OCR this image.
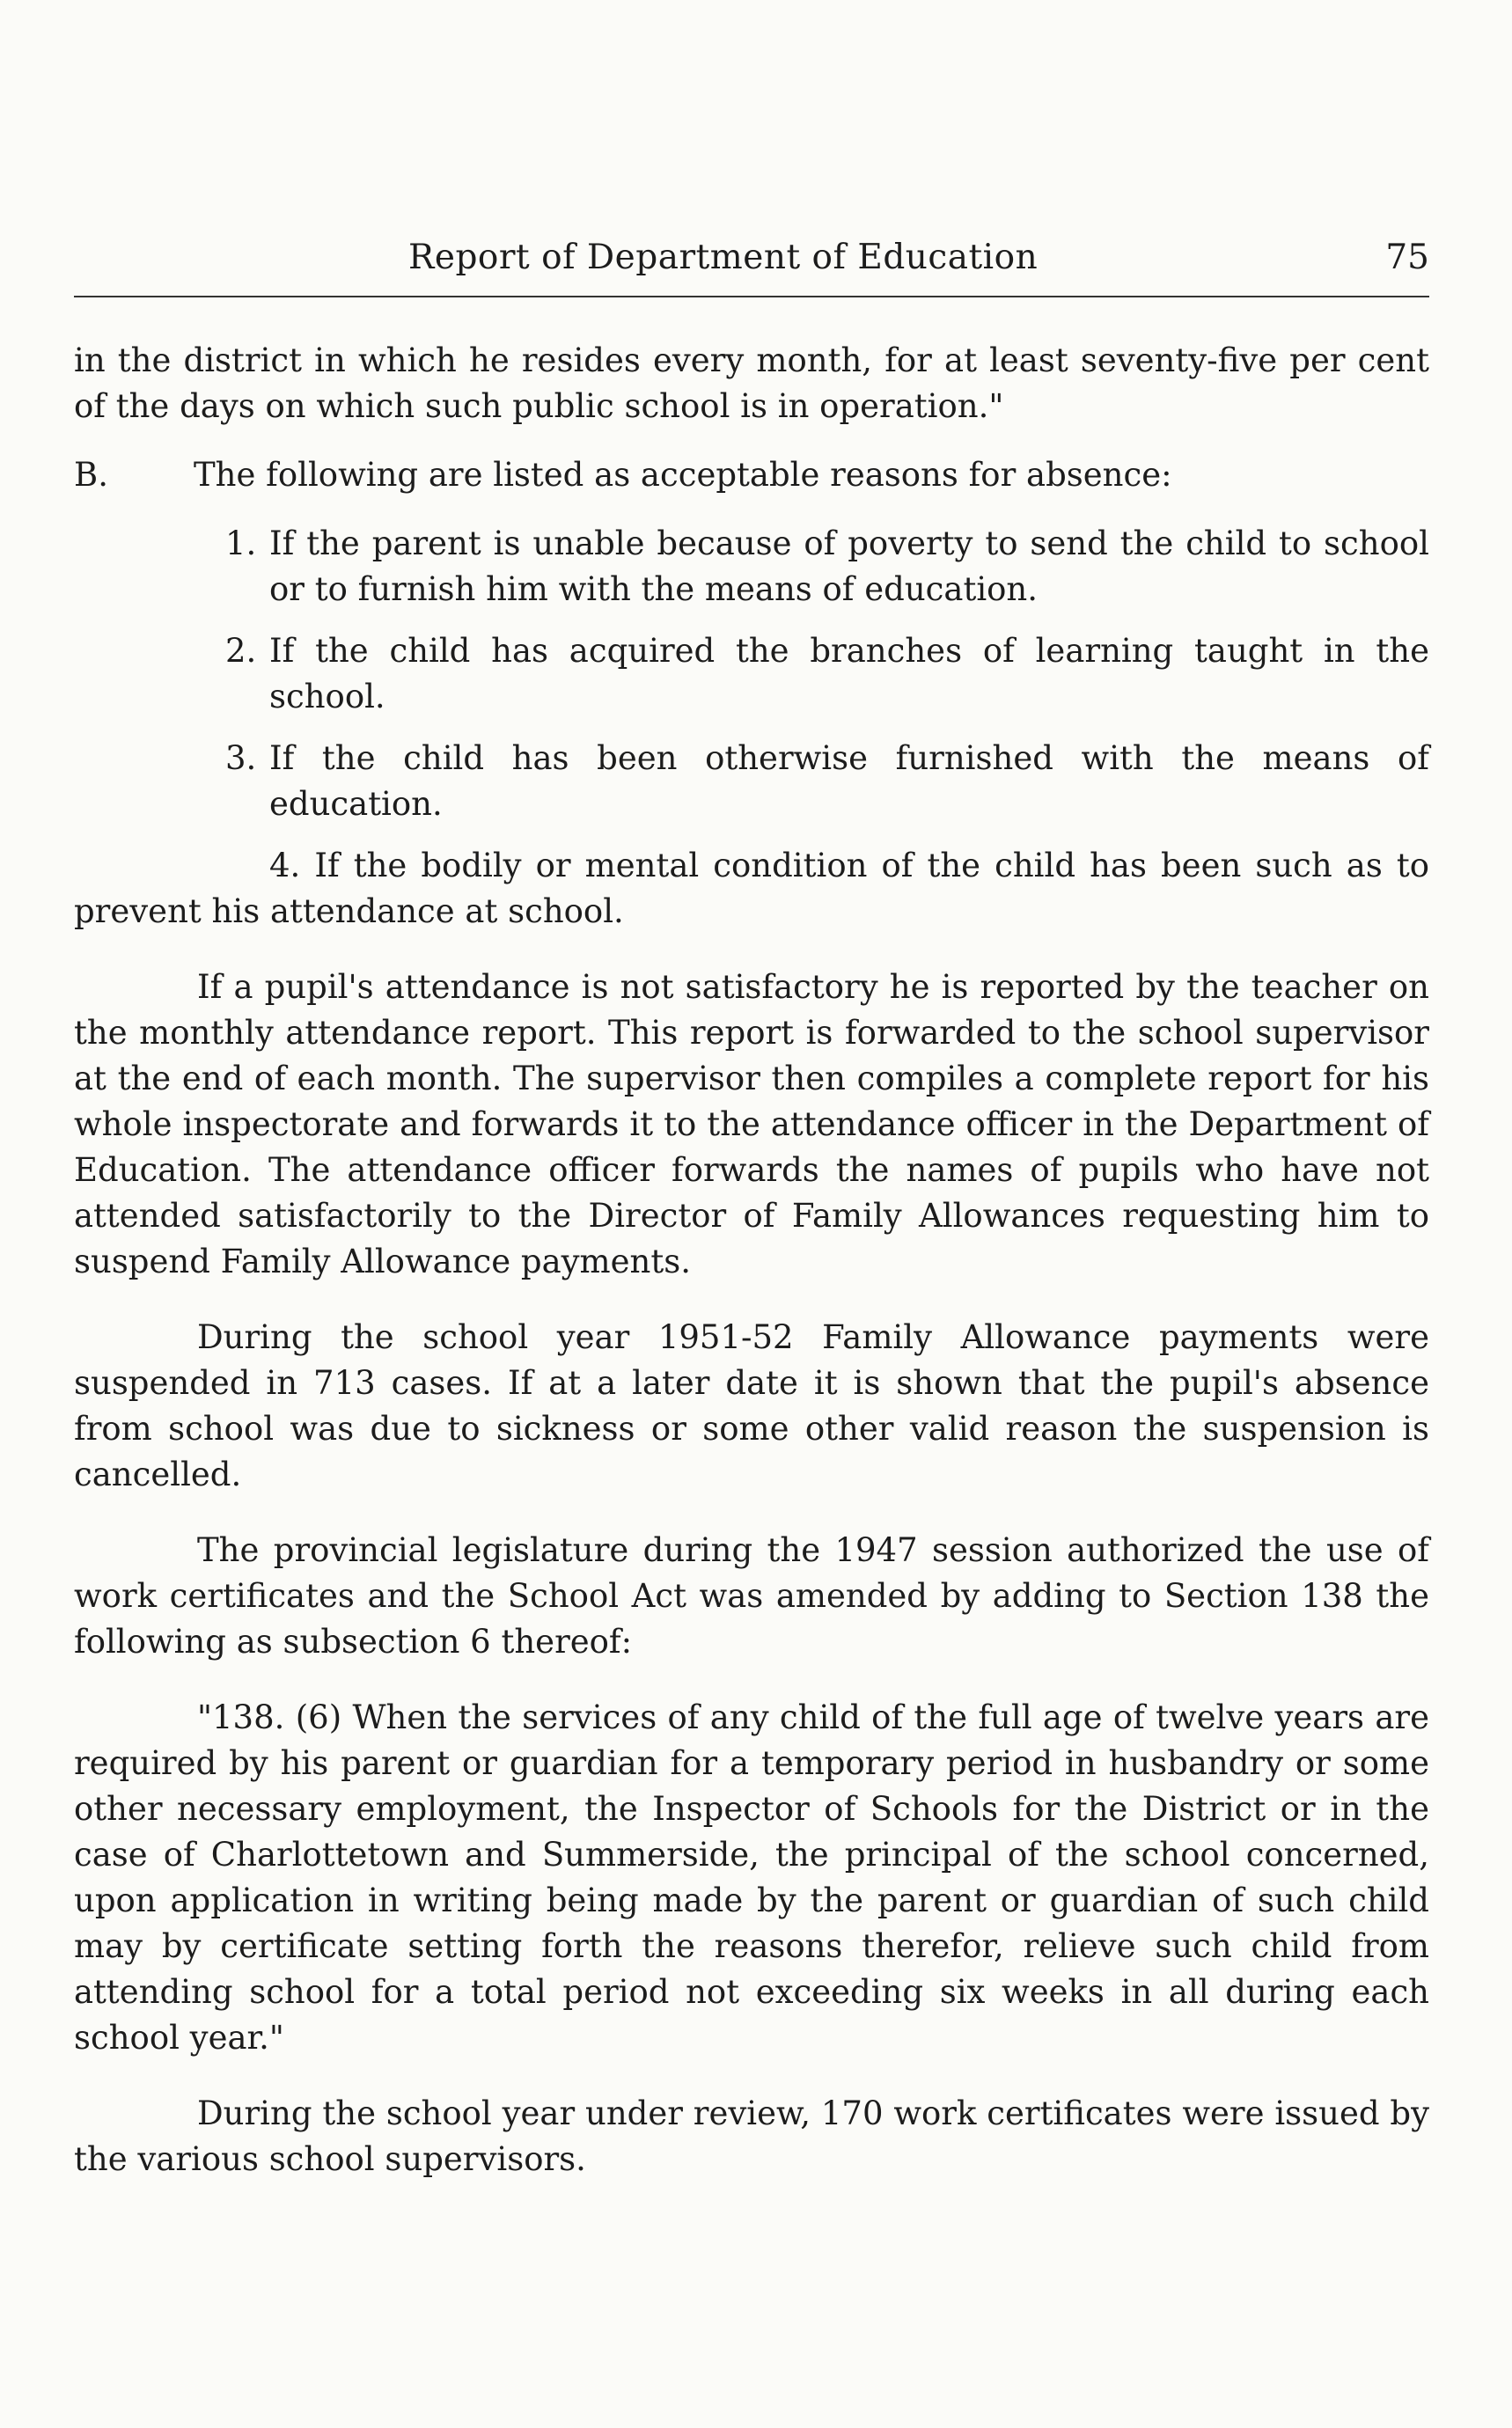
Report of Department of Education	75

in the district in which he resides every month, for at least seventy-five per cent of the days on which such public school is in operation."

B.	The following are listed as acceptable reasons for absence:
1. If the parent is unable because of poverty to send the child to school or to furnish him with the means of education.
2. If the child has acquired the branches of learning taught in the school.
3. If the child has been otherwise furnished with the means of education.

4. If the bodily or mental condition of the child has been such as to prevent his attendance at school.

If a pupil's attendance is not satisfactory he is reported by the teacher on the monthly attendance report. This report is forwarded to the school supervisor at the end of each month. The supervisor then compiles a complete report for his whole inspectorate and forwards it to the attendance officer in the Department of Education. The attendance officer forwards the names of pupils who have not attended satisfactorily to the Director of Family Allowances requesting him to suspend Family Allowance payments.

During the school year 1951-52 Family Allowance payments were suspended in 713 cases. If at a later date it is shown that the pupil's absence from school was due to sickness or some other valid reason the suspension is cancelled.

The provincial legislature during the 1947 session authorized the use of work certificates and the School Act was amended by adding to Section 138 the following as subsection 6 thereof:

"138. (6) When the services of any child of the full age of twelve years are required by his parent or guardian for a temporary period in husbandry or some other necessary employment, the Inspector of Schools for the District or in the case of Charlottetown and Summerside, the principal of the school concerned, upon application in writing being made by the parent or guardian of such child may by certificate setting forth the reasons therefor, relieve such child from attending school for a total period not exceeding six weeks in all during each school year."

During the school year under review, 170 work certificates were issued by the various school supervisors.
